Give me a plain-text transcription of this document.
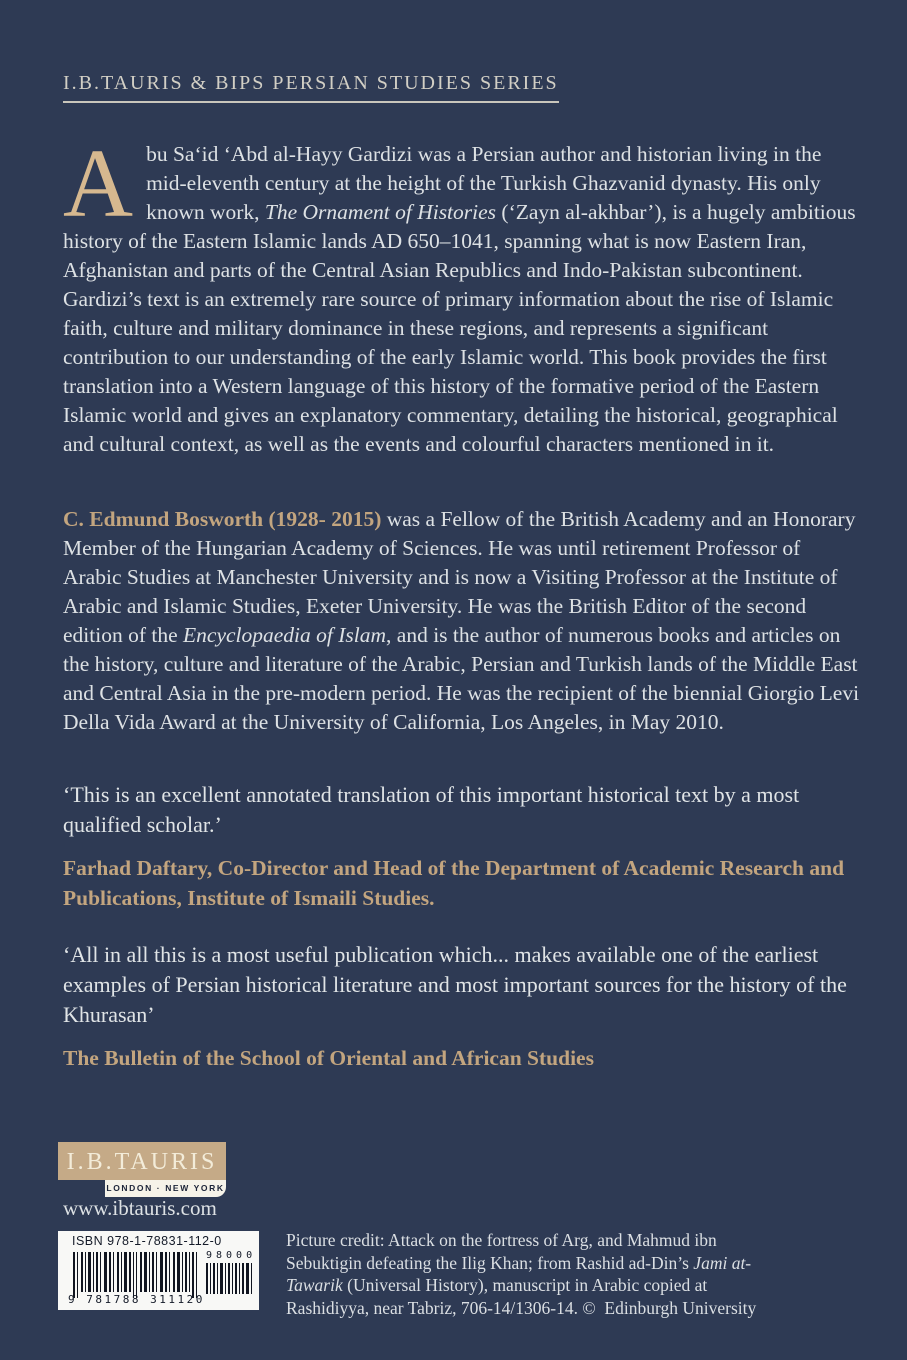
I.B.TAURIS & BIPS PERSIAN STUDIES SERIES

Abu Sa‘id ‘Abd al-Hayy Gardizi was a Persian author and historian living in the mid-eleventh century at the height of the Turkish Ghazvanid dynasty. His only known work, The Ornament of Histories (‘Zayn al-akhbar’), is a hugely ambitious history of the Eastern Islamic lands AD 650–1041, spanning what is now Eastern Iran, Afghanistan and parts of the Central Asian Republics and Indo-Pakistan subcontinent. Gardizi’s text is an extremely rare source of primary information about the rise of Islamic faith, culture and military dominance in these regions, and represents a significant contribution to our understanding of the early Islamic world. This book provides the first translation into a Western language of this history of the formative period of the Eastern Islamic world and gives an explanatory commentary, detailing the historical, geographical and cultural context, as well as the events and colourful characters mentioned in it.

C. Edmund Bosworth (1928- 2015) was a Fellow of the British Academy and an Honorary Member of the Hungarian Academy of Sciences. He was until retirement Professor of Arabic Studies at Manchester University and is now a Visiting Professor at the Institute of Arabic and Islamic Studies, Exeter University. He was the British Editor of the second edition of the Encyclopaedia of Islam, and is the author of numerous books and articles on the history, culture and literature of the Arabic, Persian and Turkish lands of the Middle East and Central Asia in the pre-modern period. He was the recipient of the biennial Giorgio Levi Della Vida Award at the University of California, Los Angeles, in May 2010.

‘This is an excellent annotated translation of this important historical text by a most qualified scholar.’

Farhad Daftary, Co-Director and Head of the Department of Academic Research and Publications, Institute of Ismaili Studies.

‘All in all this is a most useful publication which... makes available one of the earliest examples of Persian historical literature and most important sources for the history of the Khurasan’

The Bulletin of the School of Oriental and African Studies

I.B.TAURIS
LONDON · NEW YORK
www.ibtauris.com
ISBN 978-1-78831-112-0
98000
9 781788 311120

Picture credit: Attack on the fortress of Arg, and Mahmud ibn Sebuktigin defeating the Ilig Khan; from Rashid ad-Din’s Jami at-Tawarik (Universal History), manuscript in Arabic copied at Rashidiyya, near Tabriz, 706-14/1306-14. ©  Edinburgh University
